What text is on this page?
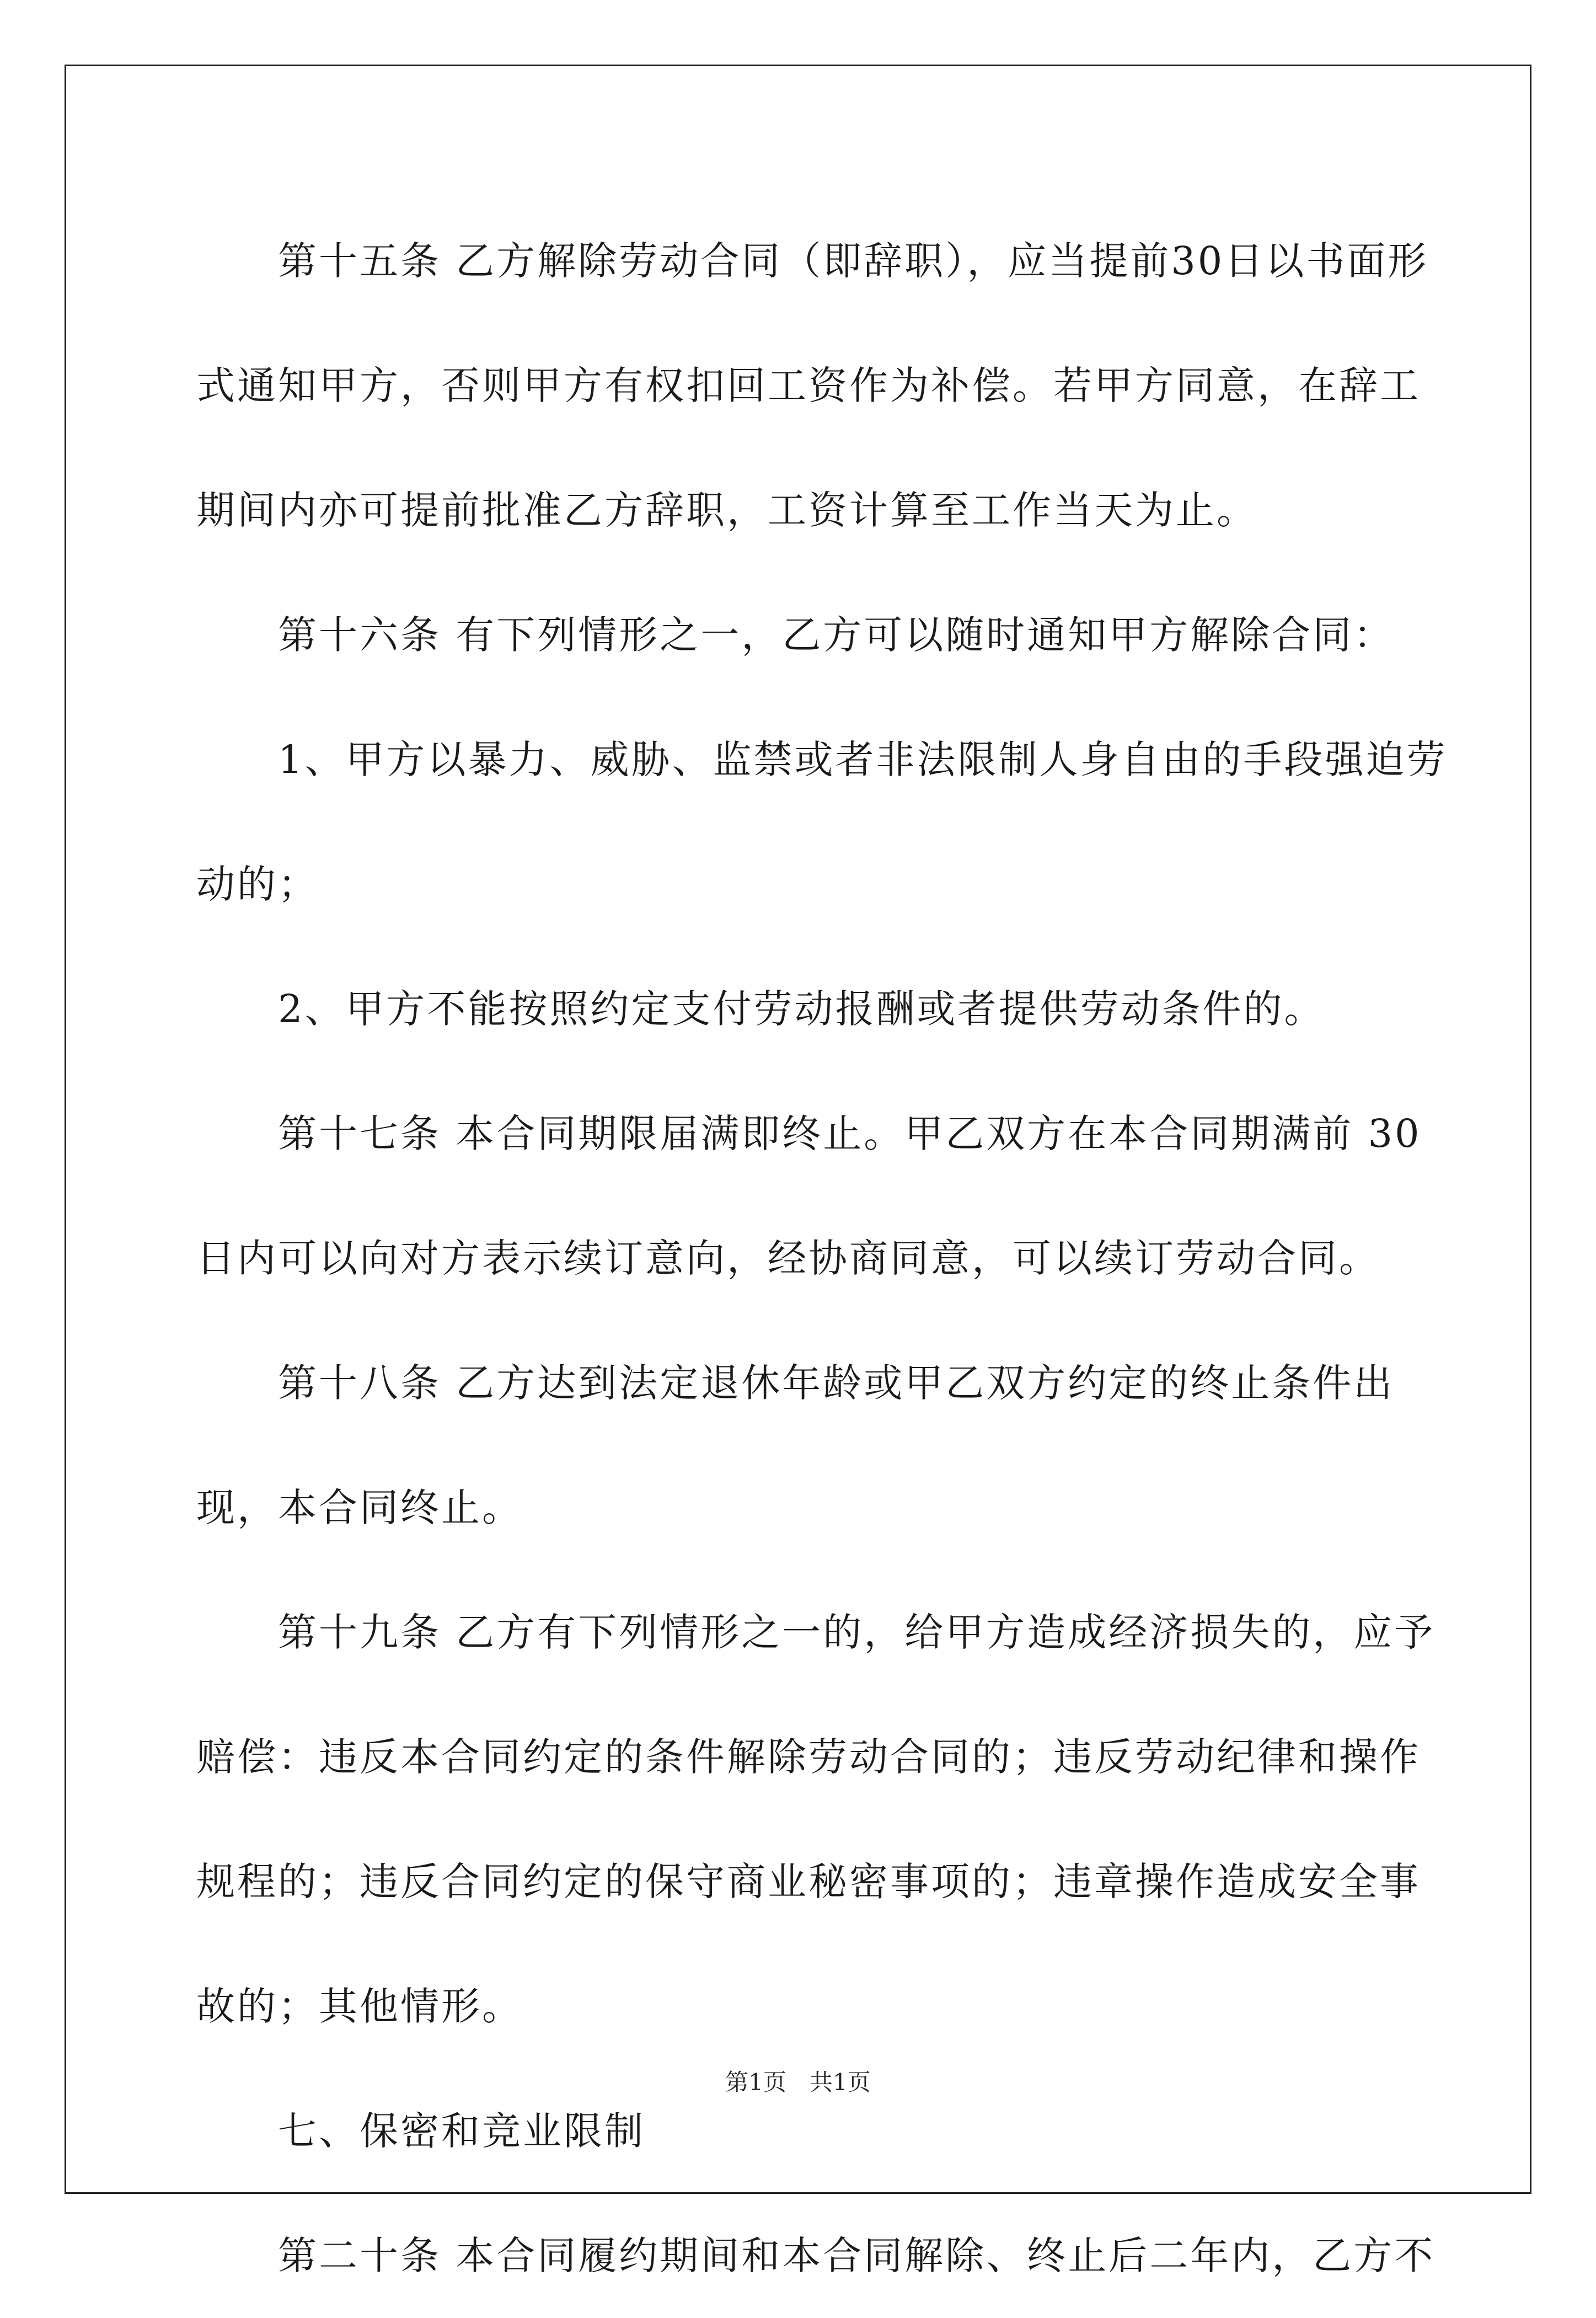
　　第十五条 乙方解除劳动合同（即辞职），应当提前30日以书面形

式通知甲方，否则甲方有权扣回工资作为补偿。若甲方同意，在辞工

期间内亦可提前批准乙方辞职，工资计算至工作当天为止。

　　第十六条 有下列情形之一，乙方可以随时通知甲方解除合同：

　　1、甲方以暴力、威胁、监禁或者非法限制人身自由的手段强迫劳

动的；

　　2、甲方不能按照约定支付劳动报酬或者提供劳动条件的。

　　第十七条 本合同期限届满即终止。甲乙双方在本合同期满前 30

日内可以向对方表示续订意向，经协商同意，可以续订劳动合同。

　　第十八条 乙方达到法定退休年龄或甲乙双方约定的终止条件出

现，本合同终止。

　　第十九条 乙方有下列情形之一的，给甲方造成经济损失的，应予

赔偿：违反本合同约定的条件解除劳动合同的；违反劳动纪律和操作

规程的；违反合同约定的保守商业秘密事项的；违章操作造成安全事

故的；其他情形。

　　七、保密和竞业限制

　　第二十条 本合同履约期间和本合同解除、终止后二年内，乙方不

第1页　共1页
